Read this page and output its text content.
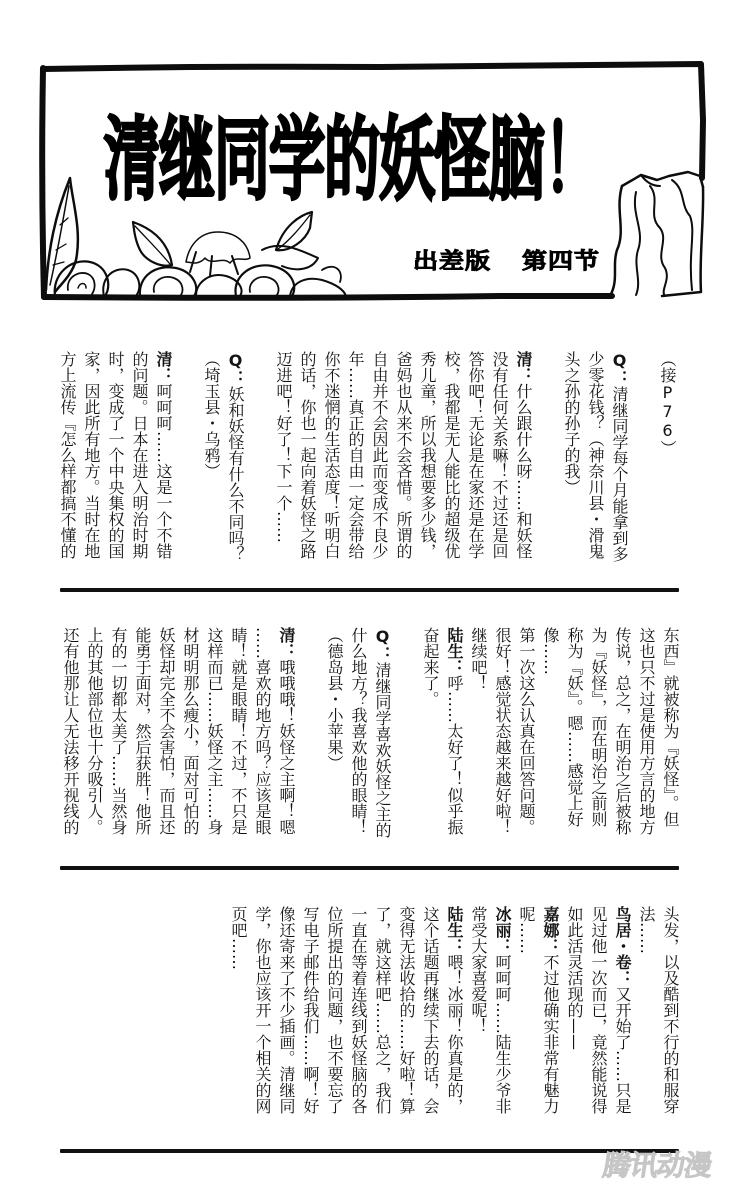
清继同学的妖怪脑！
出差版 第四节
（接P76）
Q：清继同学每个月能拿到多
少零花钱？（神奈川县・滑鬼
头之孙的孙子的我）
清：什么跟什么呀……和妖怪
没有任何关系嘛！不过还是回
答你吧！无论是在家还是在学
校，我都是无人能比的超级优
秀儿童，所以我想要多少钱，
爸妈也从来不会吝惜。所谓的
自由并不会因此而变成不良少
年……真正的自由一定会带给
你不迷惘的生活态度！听明白
的话，你也一起向着妖怪之路
迈进吧！好了！下一个……
Q：妖和妖怪有什么不同吗？
（埼玉县・乌鸦）
清：呵呵呵……这是一个不错
的问题。日本在进入明治时期
时，变成了一个中央集权的国
家，因此所有地方。当时在地
方上流传『怎么样都搞不懂的
东西』就被称为『妖怪』。但
这也只不过是使用方言的地方
传说，总之，在明治之后被称
为『妖怪』，而在明治之前则
称为『妖』。嗯……感觉上好
像……
第一次这么认真在回答问题。
很好！感觉状态越来越好啦！
继续吧！
陆生：呼……太好了！似乎振
奋起来了。
Q：清继同学喜欢妖怪之主的
什么地方？我喜欢他的眼睛！
（德岛县・小苹果）
清：哦哦哦！妖怪之主啊！嗯
……喜欢的地方吗？应该是眼
睛！就是眼睛！不过，不只是
这样而已……妖怪之主……身
材明明那么瘦小，面对可怕的
妖怪却完全不会害怕，而且还
能勇于面对，然后获胜！他所
有的一切都太美了……当然身
上的其他部位也十分吸引人。
还有他那让人无法移开视线的
头发，以及酷到不行的和服穿
法……
鸟居・卷：又开始了……只是
见过他一次而已，竟然能说得
如此活灵活现的——
嘉娜：不过他确实非常有魅力
呢……
冰丽：呵呵呵……陆生少爷非
常受大家喜爱呢！
陆生：喂！冰丽！你真是的，
这个话题再继续下去的话，会
变得无法收拾的……好啦！算
了，就这样吧……总之，我们
一直在等着连线到妖怪脑的各
位所提出的问题，也不要忘了
写电子邮件给我们……啊！好
像还寄来了不少插画。清继同
学，你也应该开一个相关的网
页吧……
腾讯动漫
